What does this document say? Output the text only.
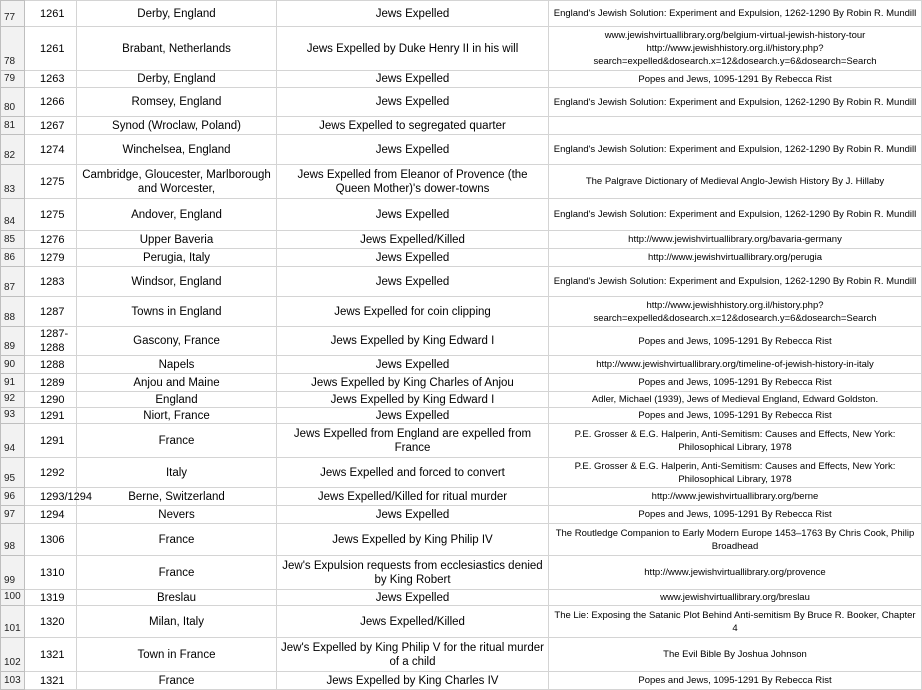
77	1261	Derby, England	Jews Expelled	England's Jewish Solution: Experiment and Expulsion, 1262-1290 By Robin R. Mundill
78	1261	Brabant, Netherlands	Jews Expelled by Duke Henry II in his will	www.jewishvirtuallibrary.org/belgium-virtual-jewish-history-tour http://www.jewishhistory.org.il/history.php?search=expelled&dosearch.x=12&dosearch.y=6&dosearch=Search
79	1263	Derby, England	Jews Expelled	Popes and Jews, 1095-1291 By Rebecca Rist
80	1266	Romsey, England	Jews Expelled	England's Jewish Solution: Experiment and Expulsion, 1262-1290 By Robin R. Mundill
81	1267	Synod (Wroclaw, Poland)	Jews Expelled to segregated quarter	
82	1274	Winchelsea, England	Jews Expelled	England's Jewish Solution: Experiment and Expulsion, 1262-1290 By Robin R. Mundill
83	1275	Cambridge, Gloucester, Marlborough and Worcester,	Jews Expelled from Eleanor of Provence (the Queen Mother)'s dower-towns	The Palgrave Dictionary of Medieval Anglo-Jewish History By J. Hillaby
84	1275	Andover, England	Jews Expelled	England's Jewish Solution: Experiment and Expulsion, 1262-1290 By Robin R. Mundill
85	1276	Upper Baveria	Jews Expelled/Killed	http://www.jewishvirtuallibrary.org/bavaria-germany
86	1279	Perugia, Italy	Jews Expelled	http://www.jewishvirtuallibrary.org/perugia
87	1283	Windsor, England	Jews Expelled	England's Jewish Solution: Experiment and Expulsion, 1262-1290 By Robin R. Mundill
88	1287	Towns in England	Jews Expelled for coin clipping	http://www.jewishhistory.org.il/history.php?search=expelled&dosearch.x=12&dosearch.y=6&dosearch=Search
89	1287-1288	Gascony, France	Jews Expelled by King Edward I	Popes and Jews, 1095-1291 By Rebecca Rist
90	1288	Napels	Jews Expelled	http://www.jewishvirtuallibrary.org/timeline-of-jewish-history-in-italy
91	1289	Anjou and Maine	Jews Expelled by King Charles of Anjou	Popes and Jews, 1095-1291 By Rebecca Rist
92	1290	England	Jews Expelled by King Edward I	Adler, Michael (1939), Jews of Medieval England, Edward Goldston.
93	1291	Niort, France	Jews Expelled	Popes and Jews, 1095-1291 By Rebecca Rist
94	1291	France	Jews Expelled from England are expelled from France	P.E. Grosser & E.G. Halperin, Anti-Semitism: Causes and Effects, New York: Philosophical Library, 1978
95	1292	Italy	Jews Expelled and forced to convert	P.E. Grosser & E.G. Halperin, Anti-Semitism: Causes and Effects, New York: Philosophical Library, 1978
96	1293/1294	Berne, Switzerland	Jews Expelled/Killed for ritual murder	http://www.jewishvirtuallibrary.org/berne
97	1294	Nevers	Jews Expelled	Popes and Jews, 1095-1291 By Rebecca Rist
98	1306	France	Jews Expelled by King Philip IV	The Routledge Companion to Early Modern Europe 1453–1763 By Chris Cook, Philip Broadhead
99	1310	France	Jew's Expulsion requests from ecclesiastics denied by King Robert	http://www.jewishvirtuallibrary.org/provence
100	1319	Breslau	Jews Expelled	www.jewishvirtuallibrary.org/breslau
101	1320	Milan, Italy	Jews Expelled/Killed	The Lie: Exposing the Satanic Plot Behind Anti-semitism By Bruce R. Booker, Chapter 4
102	1321	Town in France	Jew's Expelled by King Philip V for the ritual murder of a child	The Evil Bible By Joshua Johnson
103	1321	France	Jews Expelled by King Charles IV	Popes and Jews, 1095-1291 By Rebecca Rist
